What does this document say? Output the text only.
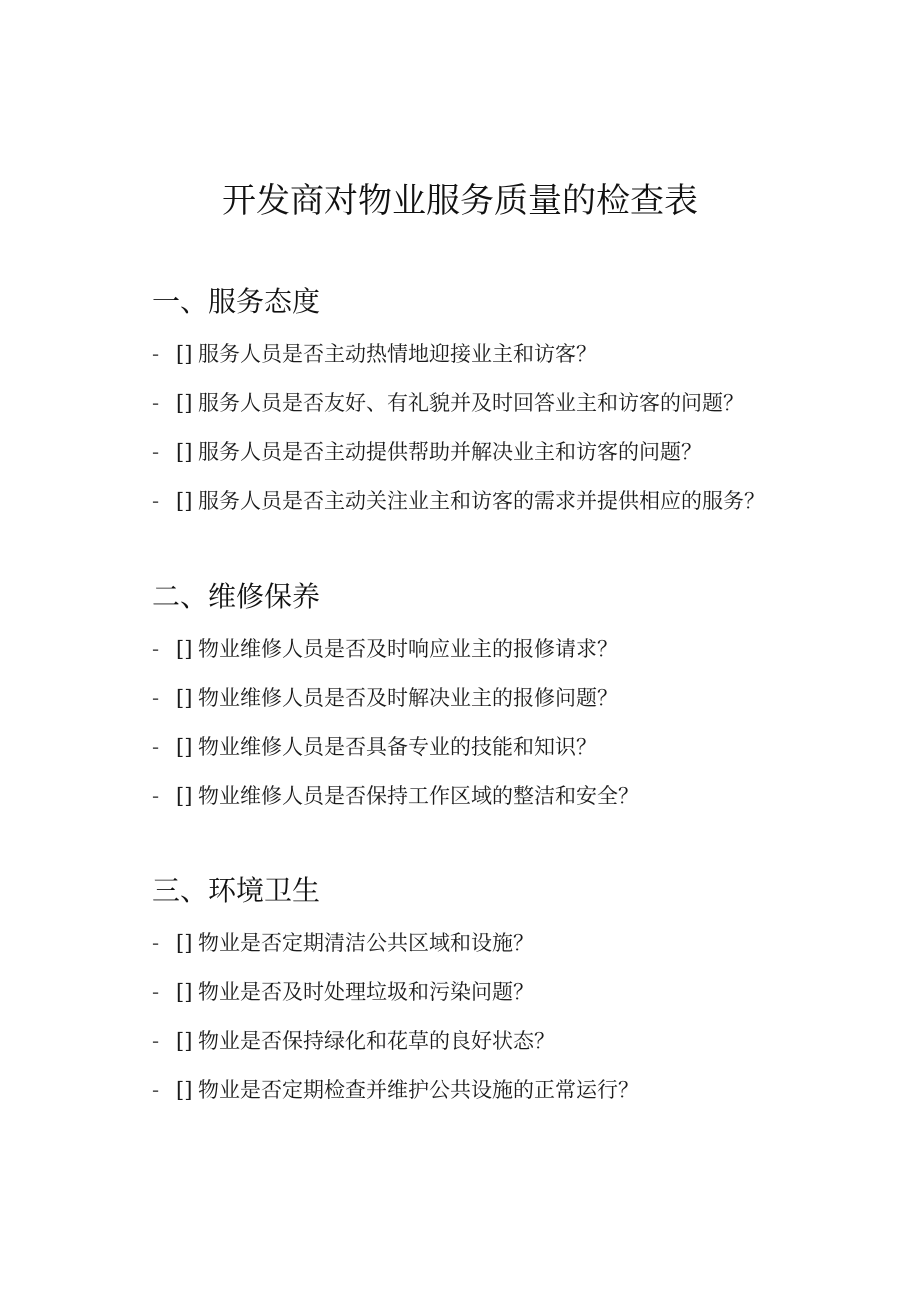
开发商对物业服务质量的检查表
一、服务态度
- [] 服务人员是否主动热情地迎接业主和访客？
- [] 服务人员是否友好、有礼貌并及时回答业主和访客的问题？
- [] 服务人员是否主动提供帮助并解决业主和访客的问题？
- [] 服务人员是否主动关注业主和访客的需求并提供相应的服务？
二、维修保养
- [] 物业维修人员是否及时响应业主的报修请求？
- [] 物业维修人员是否及时解决业主的报修问题？
- [] 物业维修人员是否具备专业的技能和知识？
- [] 物业维修人员是否保持工作区域的整洁和安全？
三、环境卫生
- [] 物业是否定期清洁公共区域和设施？
- [] 物业是否及时处理垃圾和污染问题？
- [] 物业是否保持绿化和花草的良好状态？
- [] 物业是否定期检查并维护公共设施的正常运行？
